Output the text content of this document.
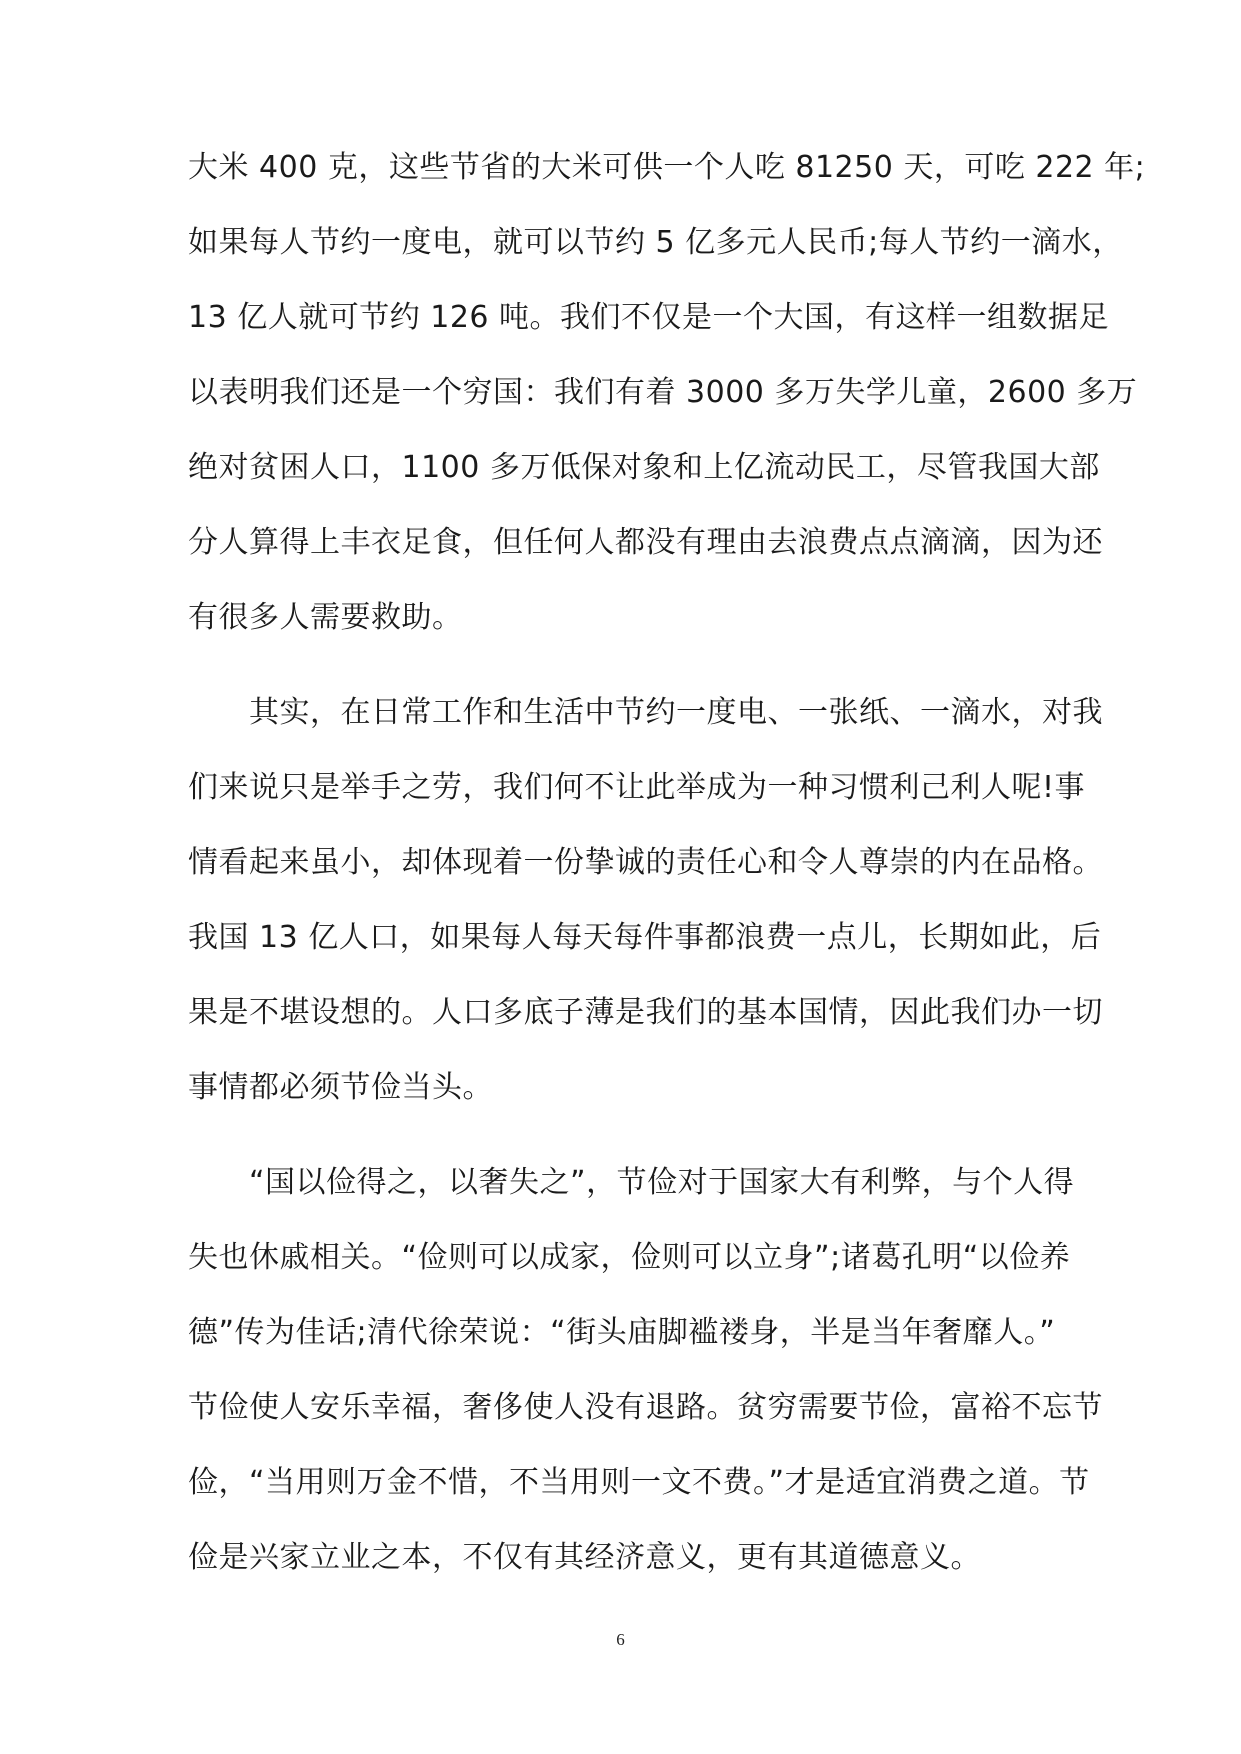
大米 400 克，这些节省的大米可供一个人吃 81250 天，可吃 222 年;
如果每人节约一度电，就可以节约 5 亿多元人民币;每人节约一滴水，
13 亿人就可节约 126 吨。我们不仅是一个大国，有这样一组数据足
以表明我们还是一个穷国：我们有着 3000 多万失学儿童，2600 多万
绝对贫困人口，1100 多万低保对象和上亿流动民工，尽管我国大部
分人算得上丰衣足食，但任何人都没有理由去浪费点点滴滴，因为还
有很多人需要救助。
　　其实，在日常工作和生活中节约一度电、一张纸、一滴水，对我
们来说只是举手之劳，我们何不让此举成为一种习惯利己利人呢!事
情看起来虽小，却体现着一份挚诚的责任心和令人尊崇的内在品格。
我国 13 亿人口，如果每人每天每件事都浪费一点儿，长期如此，后
果是不堪设想的。人口多底子薄是我们的基本国情，因此我们办一切
事情都必须节俭当头。
　　“国以俭得之，以奢失之”，节俭对于国家大有利弊，与个人得
失也休戚相关。“俭则可以成家，俭则可以立身”;诸葛孔明“以俭养
德”传为佳话;清代徐荣说：“街头庙脚褴褛身，半是当年奢靡人。”
节俭使人安乐幸福，奢侈使人没有退路。贫穷需要节俭，富裕不忘节
俭，“当用则万金不惜，不当用则一文不费。”才是适宜消费之道。节
俭是兴家立业之本，不仅有其经济意义，更有其道德意义。
6
